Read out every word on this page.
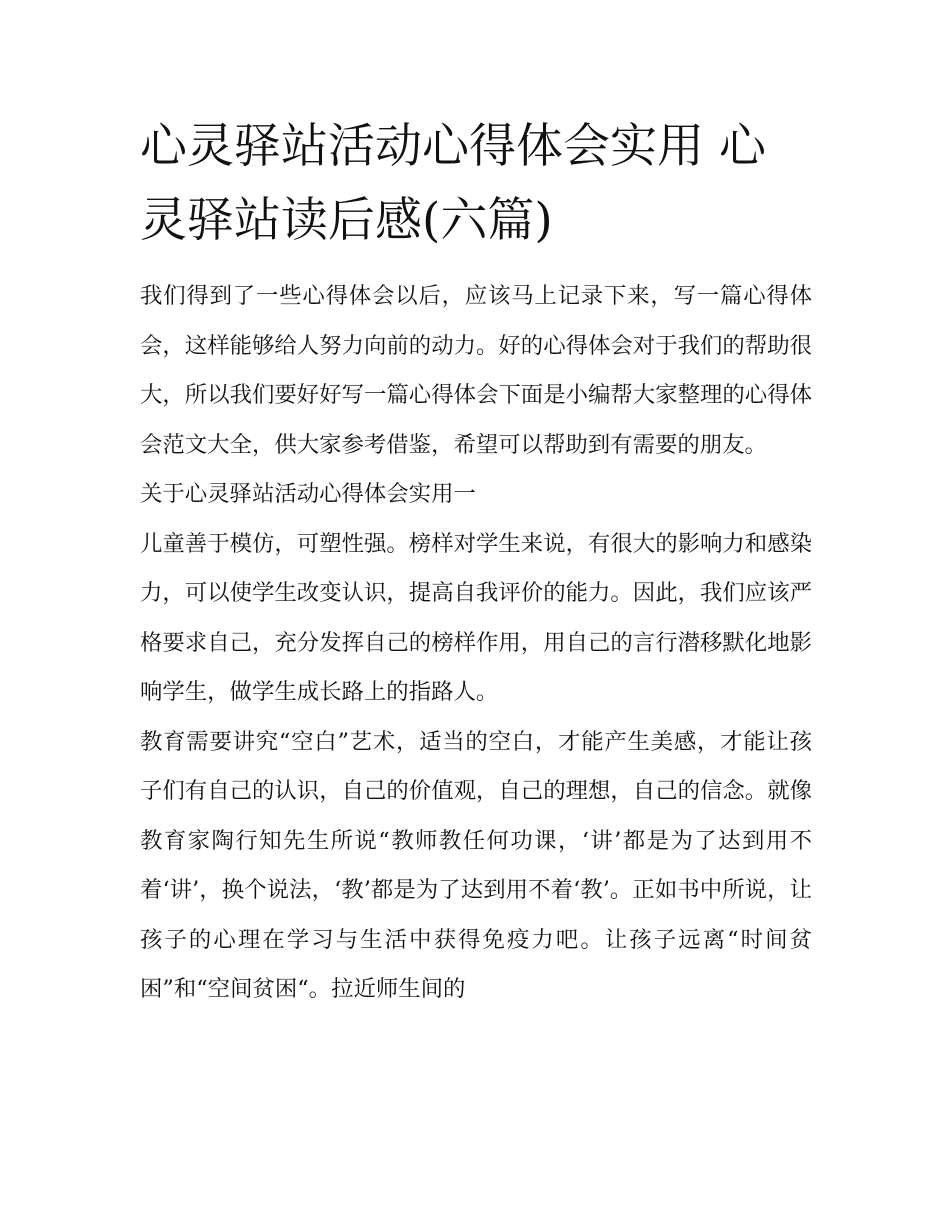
心灵驿站活动心得体会实用 心灵驿站读后感(六篇)

我们得到了一些心得体会以后，应该马上记录下来，写一篇心得体会，这样能够给人努力向前的动力。好的心得体会对于我们的帮助很大，所以我们要好好写一篇心得体会下面是小编帮大家整理的心得体会范文大全，供大家参考借鉴，希望可以帮助到有需要的朋友。

关于心灵驿站活动心得体会实用一

儿童善于模仿，可塑性强。榜样对学生来说，有很大的影响力和感染力，可以使学生改变认识，提高自我评价的能力。因此，我们应该严格要求自己，充分发挥自己的榜样作用，用自己的言行潜移默化地影响学生，做学生成长路上的指路人。

教育需要讲究“空白”艺术，适当的空白，才能产生美感，才能让孩子们有自己的认识，自己的价值观，自己的理想，自己的信念。就像教育家陶行知先生所说“教师教任何功课，‘讲’都是为了达到用不着‘讲’，换个说法，‘教’都是为了达到用不着‘教’。正如书中所说，让孩子的心理在学习与生活中获得免疫力吧。让孩子远离“时间贫困”和“空间贫困“。拉近师生间的
